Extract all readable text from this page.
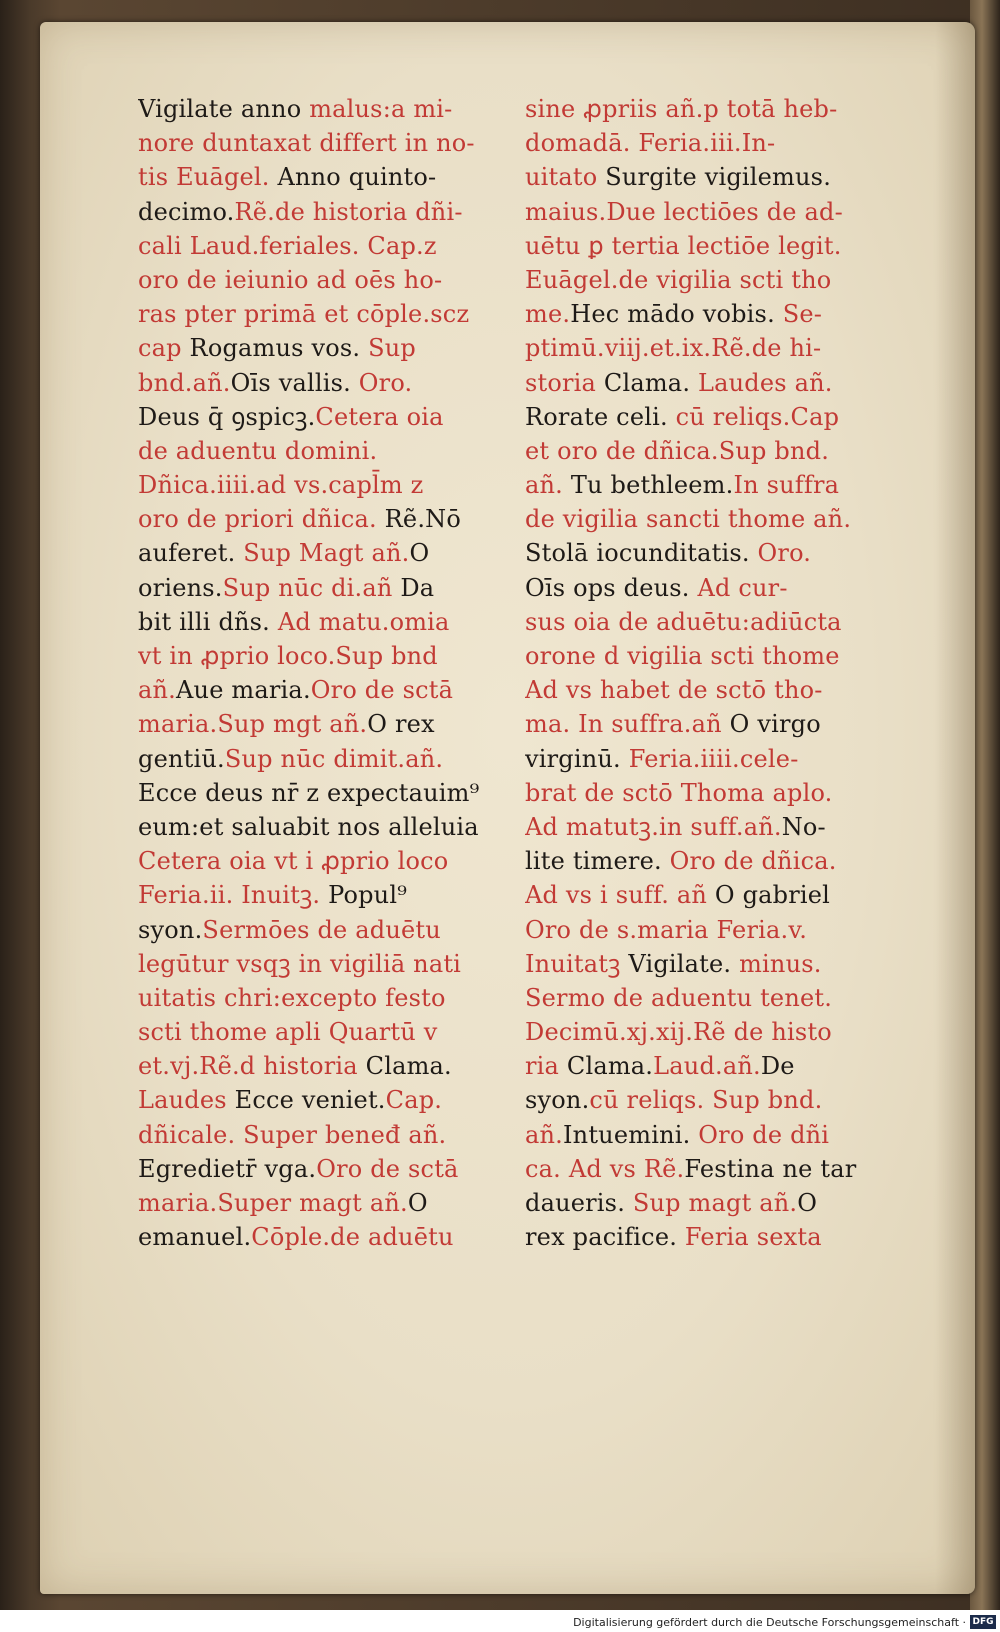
Vigilate anno malus:a mi-
nore duntaxat differt in no-
tis Euāgel. Anno quinto-
decimo.Rẽ.de historia dñi-
cali Laud.feriales. Cap.z
oro de ieiunio ad oēs ho-
ras pter primā et cōple.scz
cap Rogamus vos. Sup
bnd.añ.Oīs vallis. Oro.
Deus q̄ ꝯspicꝫ.Cetera oia
de aduentu domini.
Dñica.iiii.ad vs.capl̄m z
oro de priori dñica. Rẽ.Nō
auferet. Sup Magt añ.O
oriens.Sup nūc di.añ Da
bit illi dñs. Ad matu.omia
vt in ꝓprio loco.Sup bnd
añ.Aue maria.Oro de sctā
maria.Sup mgt añ.O rex
gentiū.Sup nūc dimit.añ.
Ecce deus nr̄ z expectauim⁹
eum:et saluabit nos alleluia
Cetera oia vt i ꝓprio loco
Feria.ii. Inuitꝫ. Popul⁹
syon.Sermōes de aduētu
legūtur vsqꝫ in vigiliā nati
uitatis chri:excepto festo
scti thome apli Quartū v
et.vj.Rẽ.d historia Clama.
Laudes Ecce veniet.Cap.
dñicale. Super beneđ añ.
Egredietr̄ vga.Oro de sctā
maria.Super magt añ.O
emanuel.Cōple.de aduētu
sine ꝓpriis añ.p totā heb-
domadā. Feria.iii.In-
uitato Surgite vigilemus.
maius.Due lectiōes de ad-
uētu ꝑ tertia lectiōe legit.
Euāgel.de vigilia scti tho
me.Hec mādo vobis. Se-
ptimū.viij.et.ix.Rẽ.de hi-
storia Clama. Laudes añ.
Rorate celi. cū reliqs.Cap
et oro de dñica.Sup bnd.
añ. Tu bethleem.In suffra
de vigilia sancti thome añ.
Stolā iocunditatis. Oro.
Oīs ops deus. Ad cur-
sus oia de aduētu:adiūcta
orone d vigilia scti thome
Ad vs habet de sctō tho-
ma. In suffra.añ O virgo
virginū. Feria.iiii.cele-
brat de sctō Thoma aplo.
Ad matutꝫ.in suff.añ.No-
lite timere. Oro de dñica.
Ad vs i suff. añ O gabriel
Oro de s.maria Feria.v.
Inuitatꝫ Vigilate. minus.
Sermo de aduentu tenet.
Decimū.xj.xij.Rẽ de histo
ria Clama.Laud.añ.De
syon.cū reliqs. Sup bnd.
añ.Intuemini. Oro de dñi
ca. Ad vs Rẽ.Festina ne tar
daueris. Sup magt añ.O
rex pacifice. Feria sexta
Digitalisierung gefördert durch die Deutsche Forschungsgemeinschaft · DFG
